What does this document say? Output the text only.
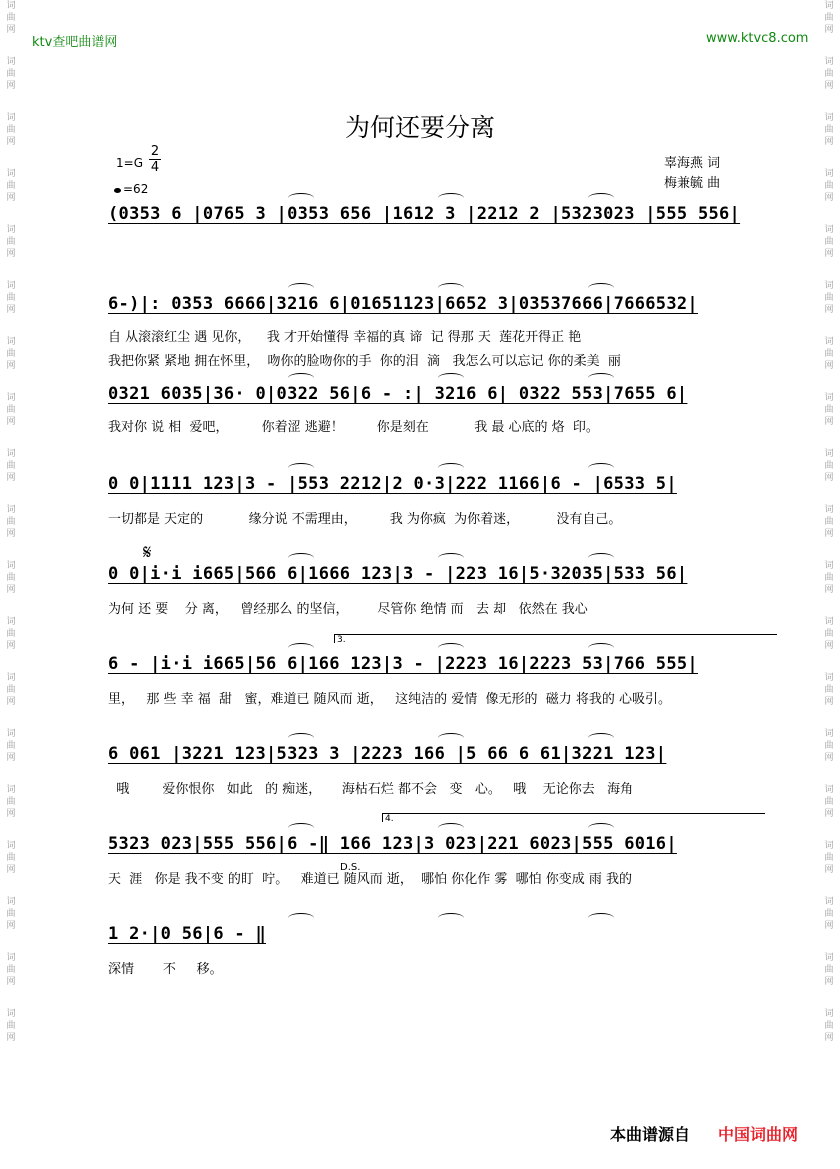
词
曲
网
词
曲
网
词
曲
网
词
曲
网
词
曲
网
词
曲
网
词
曲
网
词
曲
网
词
曲
网
词
曲
网
词
曲
网
词
曲
网
词
曲
网
词
曲
网
词
曲
网
词
曲
网
词
曲
网
词
曲
网
词
曲
网
词
曲
网
词
曲
网
词
曲
网
词
曲
网
词
曲
网
词
曲
网
词
曲
网
词
曲
网
词
曲
网
词
曲
网
词
曲
网
词
曲
网
词
曲
网
词
曲
网
词
曲
网
词
曲
网
词
曲
网
词
曲
网
词
曲
网
ktv查吧曲谱网	www.ktvc8.com
为何还要分离
1=G
2
4
=62
辜海燕 词
梅兼毓 曲
(0353 6 |0765 3 |0353 656 |1612 3 |2212 2 |5323023 |555 556|
6-)|: 0353 6666|3216 6|01651123|6652 3|03537666|7666532|
0321 6035|36· 0|0322 56|6 - :| 3216 6| 0322 553|7655 6|
0 0|1111 123|3 - |553 2212|2 0·3|222 1166|6 - |6533 5|
0 0|i·i i665|566 6|1666 123|3 - |223 16|5·32035|533 56|
6 - |i·i i665|56 6|166 123|3 - |2223 16|2223 53|766 555|
6 061 |3221 123|5323 3 |2223 166 |5 66 6 61|3221 123|
5323 023|555 556|6 -‖ 166 123|3 023|221 6023|555 6016|
1 2·|0 56|6 - ‖
自 从滚滚红尘 遇 见你，    我 才开始懂得 幸福的真 谛  记 得那 天  莲花开得正 艳
我把你紧 紧地 拥在怀里，  吻你的脸吻你的手  你的泪  滴   我怎么可以忘记 你的柔美  丽
我对你 说 相  爱吧，        你着涩 逃避！        你是刻在           我 最 心底的 烙  印。
一切都是 天定的           缘分说 不需理由，        我 为你疯  为你着迷，         没有自己。
为何 还 要    分 离，   曾经那么 的坚信，       尽管你 绝情 而   去 却   依然在 我心
里，   那 些 幸 福  甜   蜜，难道已 随风而 逝，   这纯洁的 爱情  像无形的  磁力 将我的 心吸引。
哦        爱你恨你   如此   的 痴迷，     海枯石烂 都不会   变   心。   哦    无论你去   海角
天  涯   你是 我不变 的盯  咛。   难道已 随风而 逝，  哪怕 你化作 雾  哪怕 你变成 雨 我的
深情       不     移。
𝄋
3.
4.
D.S.
本曲谱源自 中国词曲网
